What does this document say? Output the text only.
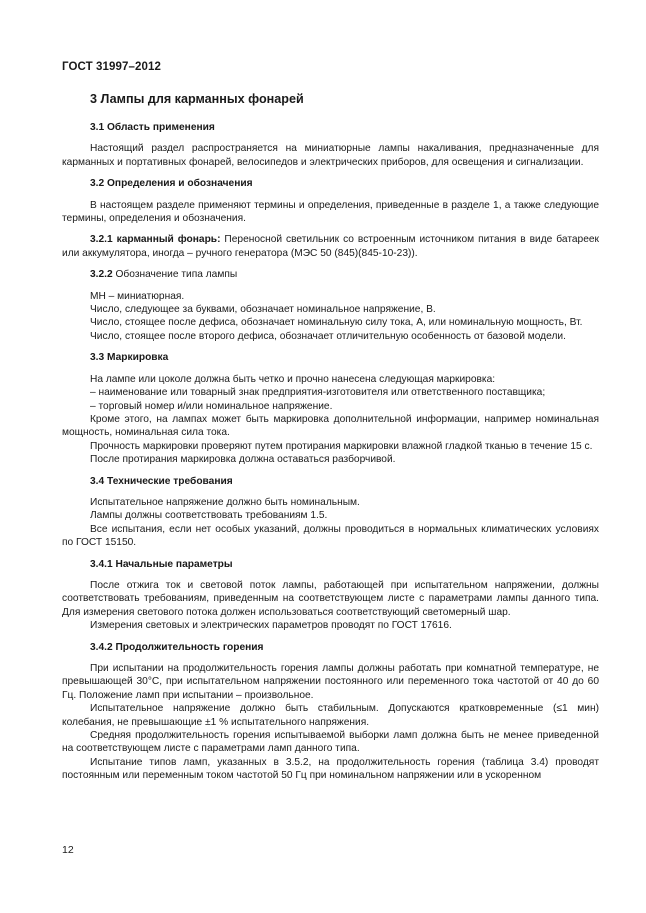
ГОСТ 31997–2012

3 Лампы для карманных фонарей

3.1 Область применения

Настоящий раздел распространяется на миниатюрные лампы накаливания, предназначенные для карманных и портативных фонарей, велосипедов и электрических приборов, для освещения и сигнализации.

3.2 Определения и обозначения

В настоящем разделе применяют термины и определения, приведенные в разделе 1, а также следующие термины, определения и обозначения.

3.2.1 карманный фонарь: Переносной светильник со встроенным источником питания в виде батареек или аккумулятора, иногда – ручного генератора (МЭС 50 (845)(845-10-23)).

3.2.2 Обозначение типа лампы

МН – миниатюрная.

Число, следующее за буквами, обозначает номинальное напряжение, В.

Число, стоящее после дефиса, обозначает номинальную силу тока, А, или номинальную мощность, Вт.

Число, стоящее после второго дефиса, обозначает отличительную особенность от базовой модели.

3.3 Маркировка

На лампе или цоколе должна быть четко и прочно нанесена следующая маркировка:

– наименование или товарный знак предприятия-изготовителя или ответственного поставщика;

– торговый номер и/или номинальное напряжение.

Кроме этого, на лампах может быть маркировка дополнительной информации, например номинальная мощность, номинальная сила тока.

Прочность маркировки проверяют путем протирания маркировки влажной гладкой тканью в течение 15 с.

После протирания маркировка должна оставаться разборчивой.

3.4 Технические требования

Испытательное напряжение должно быть номинальным.

Лампы должны соответствовать требованиям 1.5.

Все испытания, если нет особых указаний, должны проводиться в нормальных климатических условиях по ГОСТ 15150.

3.4.1 Начальные параметры

После отжига ток и световой поток лампы, работающей при испытательном напряжении, должны соответствовать требованиям, приведенным на соответствующем листе с параметрами лампы данного типа. Для измерения светового потока должен использоваться соответствующий светомерный шар.

Измерения световых и электрических параметров проводят по ГОСТ 17616.

3.4.2 Продолжительность горения

При испытании на продолжительность горения лампы должны работать при комнатной температуре, не превышающей 30°С, при испытательном напряжении постоянного или переменного тока частотой от 40 до 60 Гц. Положение ламп при испытании – произвольное.

Испытательное напряжение должно быть стабильным. Допускаются кратковременные (≤1 мин) колебания, не превышающие ±1 % испытательного напряжения.

Средняя продолжительность горения испытываемой выборки ламп должна быть не менее приведенной на соответствующем листе с параметрами ламп данного типа.

Испытание типов ламп, указанных в 3.5.2, на продолжительность горения (таблица 3.4) проводят постоянным или переменным током частотой 50 Гц при номинальном напряжении или в ускоренном

12
